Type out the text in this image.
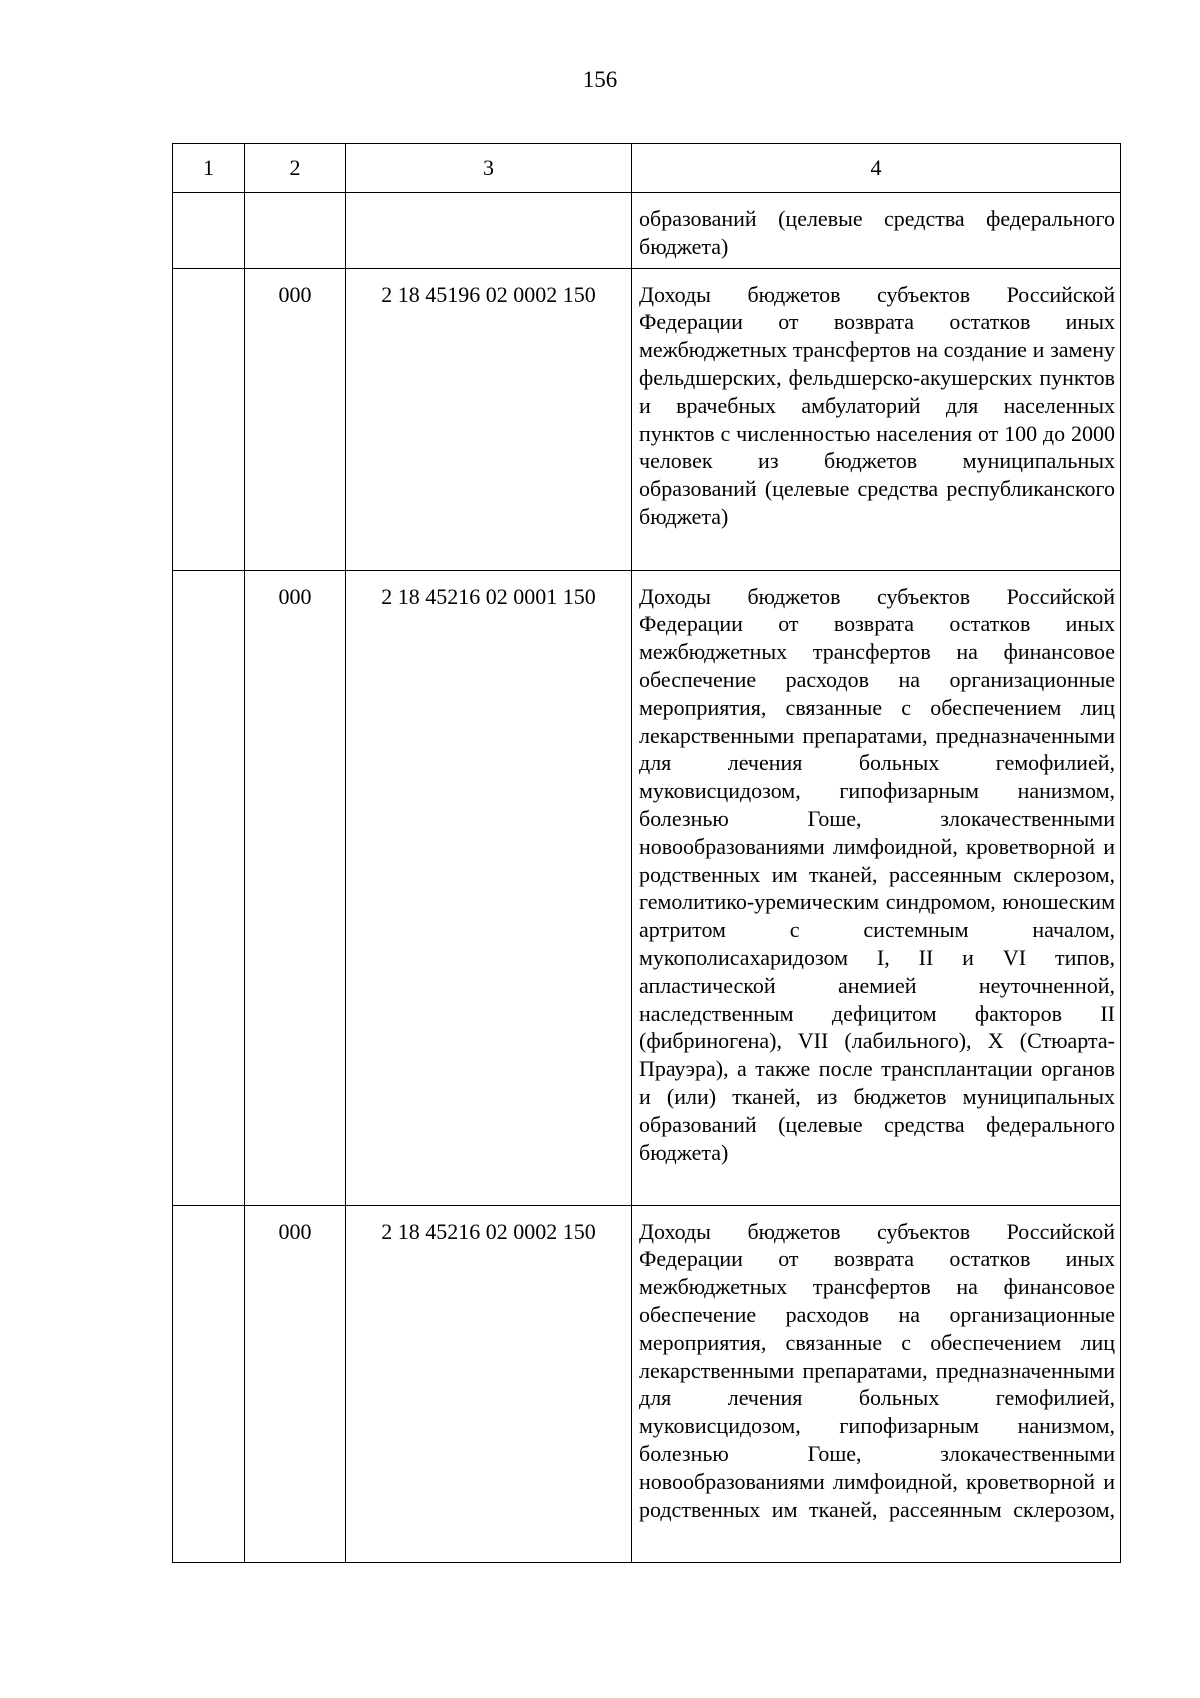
156
1	2	3	4
			образований (целевые средства федерального бюджета)
	000	2 18 45196 02 0002 150	Доходы бюджетов субъектов Российской Федерации от возврата остатков иных межбюджетных трансфертов на создание и замену фельдшерских, фельдшерско-акушерских пунктов и врачебных амбулаторий для населенных пунктов с численностью населения от 100 до 2000 человек из бюджетов муниципальных образований (целевые средства республиканского бюджета)
	000	2 18 45216 02 0001 150	Доходы бюджетов субъектов Российской Федерации от возврата остатков иных межбюджетных трансфертов на финансовое обеспечение расходов на организационные мероприятия, связанные с обеспечением лиц лекарственными препаратами, предназначенными для лечения больных гемофилией, муковисцидозом, гипофизарным нанизмом, болезнью Гоше, злокачественными новообразованиями лимфоидной, кроветворной и родственных им тканей, рассеянным склерозом, гемолитико-уремическим синдромом, юношеским артритом с системным началом, мукополисахаридозом I, II и VI типов, апластической анемией неуточненной, наследственным дефицитом факторов II (фибриногена), VII (лабильного), X (Стюарта-Прауэра), а также после трансплантации органов и (или) тканей, из бюджетов муниципальных образований (целевые средства федерального бюджета)
	000	2 18 45216 02 0002 150	Доходы бюджетов субъектов Российской Федерации от возврата остатков иных межбюджетных трансфертов на финансовое обеспечение расходов на организационные мероприятия, связанные с обеспечением лиц лекарственными препаратами, предназначенными для лечения больных гемофилией, муковисцидозом, гипофизарным нанизмом, болезнью Гоше, злокачественными новообразованиями лимфоидной, кроветворной и родственных им тканей, рассеянным склерозом,
